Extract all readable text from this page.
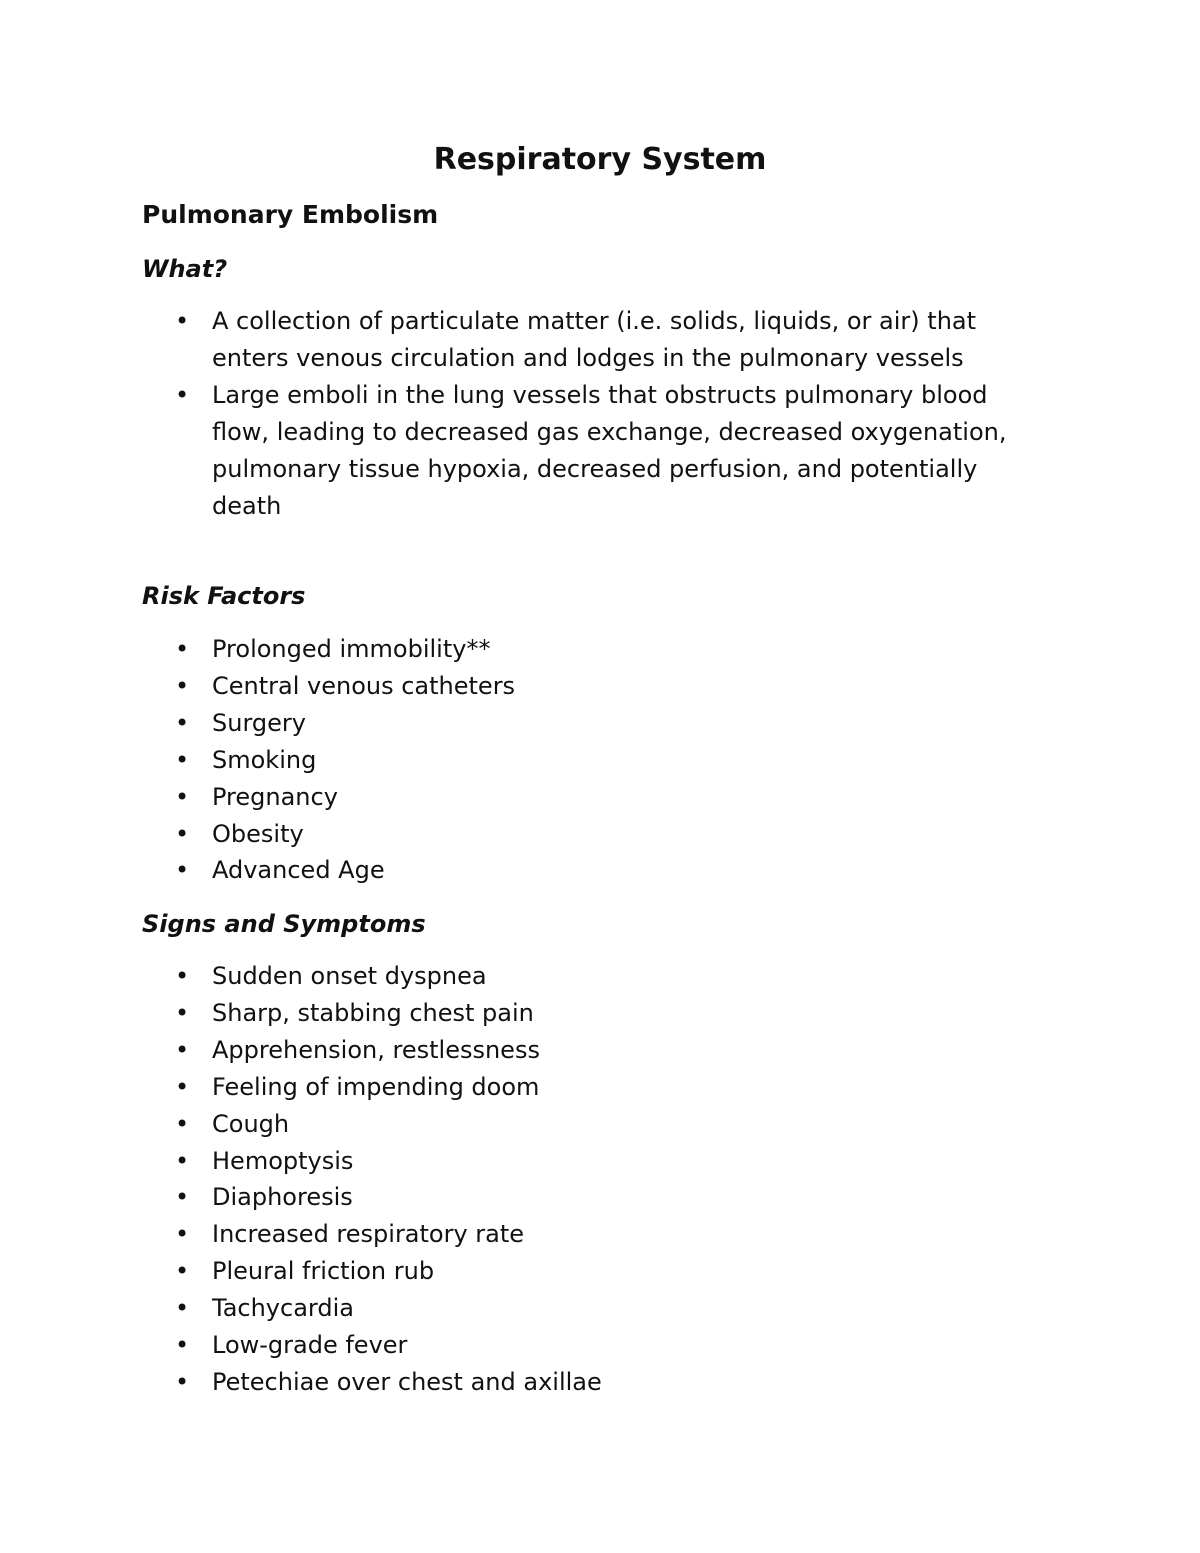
Respiratory System
Pulmonary Embolism
What?
• A collection of particulate matter (i.e. solids, liquids, or air) that enters venous circulation and lodges in the pulmonary vessels
• Large emboli in the lung vessels that obstructs pulmonary blood flow, leading to decreased gas exchange, decreased oxygenation, pulmonary tissue hypoxia, decreased perfusion, and potentially death
Risk Factors
• Prolonged immobility**
• Central venous catheters
• Surgery
• Smoking
• Pregnancy
• Obesity
• Advanced Age
Signs and Symptoms
• Sudden onset dyspnea
• Sharp, stabbing chest pain
• Apprehension, restlessness
• Feeling of impending doom
• Cough
• Hemoptysis
• Diaphoresis
• Increased respiratory rate
• Pleural friction rub
• Tachycardia
• Low-grade fever
• Petechiae over chest and axillae
